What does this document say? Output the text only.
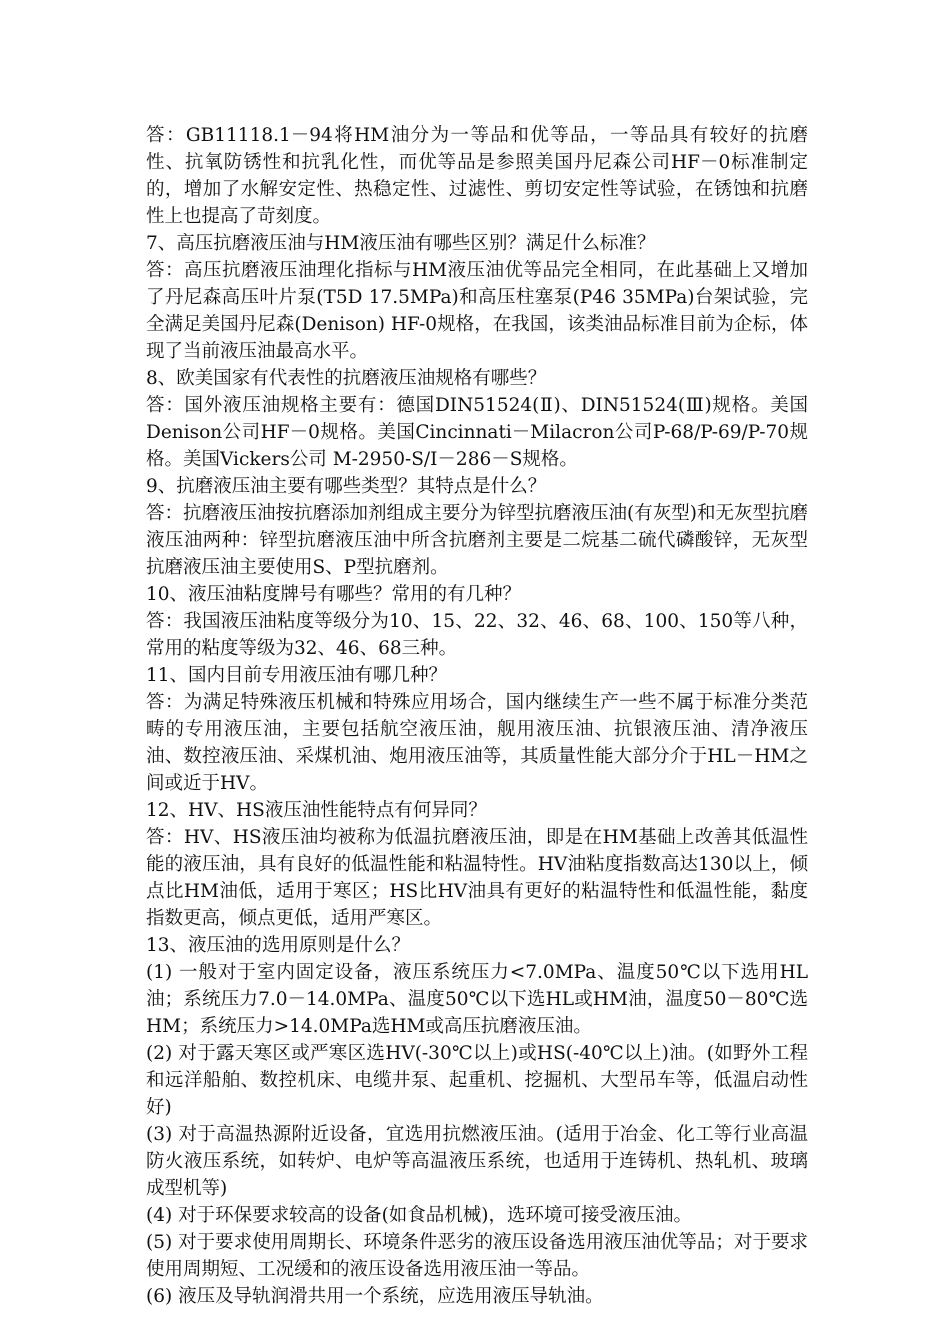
答：GB11118.1－94将HM油分为一等品和优等品，一等品具有较好的抗磨性、抗氧防锈性和抗乳化性，而优等品是参照美国丹尼森公司HF－0标准制定的，增加了水解安定性、热稳定性、过滤性、剪切安定性等试验，在锈蚀和抗磨性上也提高了苛刻度。

7、高压抗磨液压油与HM液压油有哪些区别？满足什么标准？

答：高压抗磨液压油理化指标与HM液压油优等品完全相同，在此基础上又增加了丹尼森高压叶片泵(T5D 17.5MPa)和高压柱塞泵(P46 35MPa)台架试验，完全满足美国丹尼森(Denison) HF-0规格，在我国，该类油品标准目前为企标，体现了当前液压油最高水平。

8、欧美国家有代表性的抗磨液压油规格有哪些？

答：国外液压油规格主要有：德国DIN51524(Ⅱ)、DIN51524(Ⅲ)规格。美国Denison公司HF－0规格。美国Cincinnati－Milacron公司P-68/P-69/P-70规格。美国Vickers公司 M-2950-S/Ⅰ－286－S规格。

9、抗磨液压油主要有哪些类型？其特点是什么？

答：抗磨液压油按抗磨添加剂组成主要分为锌型抗磨液压油(有灰型)和无灰型抗磨液压油两种：锌型抗磨液压油中所含抗磨剂主要是二烷基二硫代磷酸锌，无灰型抗磨液压油主要使用S、P型抗磨剂。

10、液压油粘度牌号有哪些？常用的有几种？

答：我国液压油粘度等级分为10、15、22、32、46、68、100、150等八种，常用的粘度等级为32、46、68三种。

11、国内目前专用液压油有哪几种？

答：为满足特殊液压机械和特殊应用场合，国内继续生产一些不属于标准分类范畴的专用液压油，主要包括航空液压油，舰用液压油、抗银液压油、清净液压油、数控液压油、采煤机油、炮用液压油等，其质量性能大部分介于HL－HM之间或近于HV。

12、HV、HS液压油性能特点有何异同？

答：HV、HS液压油均被称为低温抗磨液压油，即是在HM基础上改善其低温性能的液压油，具有良好的低温性能和粘温特性。HV油粘度指数高达130以上，倾点比HM油低，适用于寒区；HS比HV油具有更好的粘温特性和低温性能，黏度指数更高，倾点更低，适用严寒区。

13、液压油的选用原则是什么？

(1) 一般对于室内固定设备，液压系统压力<7.0MPa、温度50℃以下选用HL油；系统压力7.0－14.0MPa、温度50℃以下选HL或HM油，温度50－80℃选HM；系统压力>14.0MPa选HM或高压抗磨液压油。

(2) 对于露天寒区或严寒区选HV(-30℃以上)或HS(-40℃以上)油。(如野外工程和远洋船舶、数控机床、电缆井泵、起重机、挖掘机、大型吊车等，低温启动性好)

(3) 对于高温热源附近设备，宜选用抗燃液压油。(适用于冶金、化工等行业高温防火液压系统，如转炉、电炉等高温液压系统，也适用于连铸机、热轧机、玻璃成型机等)

(4) 对于环保要求较高的设备(如食品机械)，选环境可接受液压油。

(5) 对于要求使用周期长、环境条件恶劣的液压设备选用液压油优等品；对于要求使用周期短、工况缓和的液压设备选用液压油一等品。

(6) 液压及导轨润滑共用一个系统，应选用液压导轨油。
